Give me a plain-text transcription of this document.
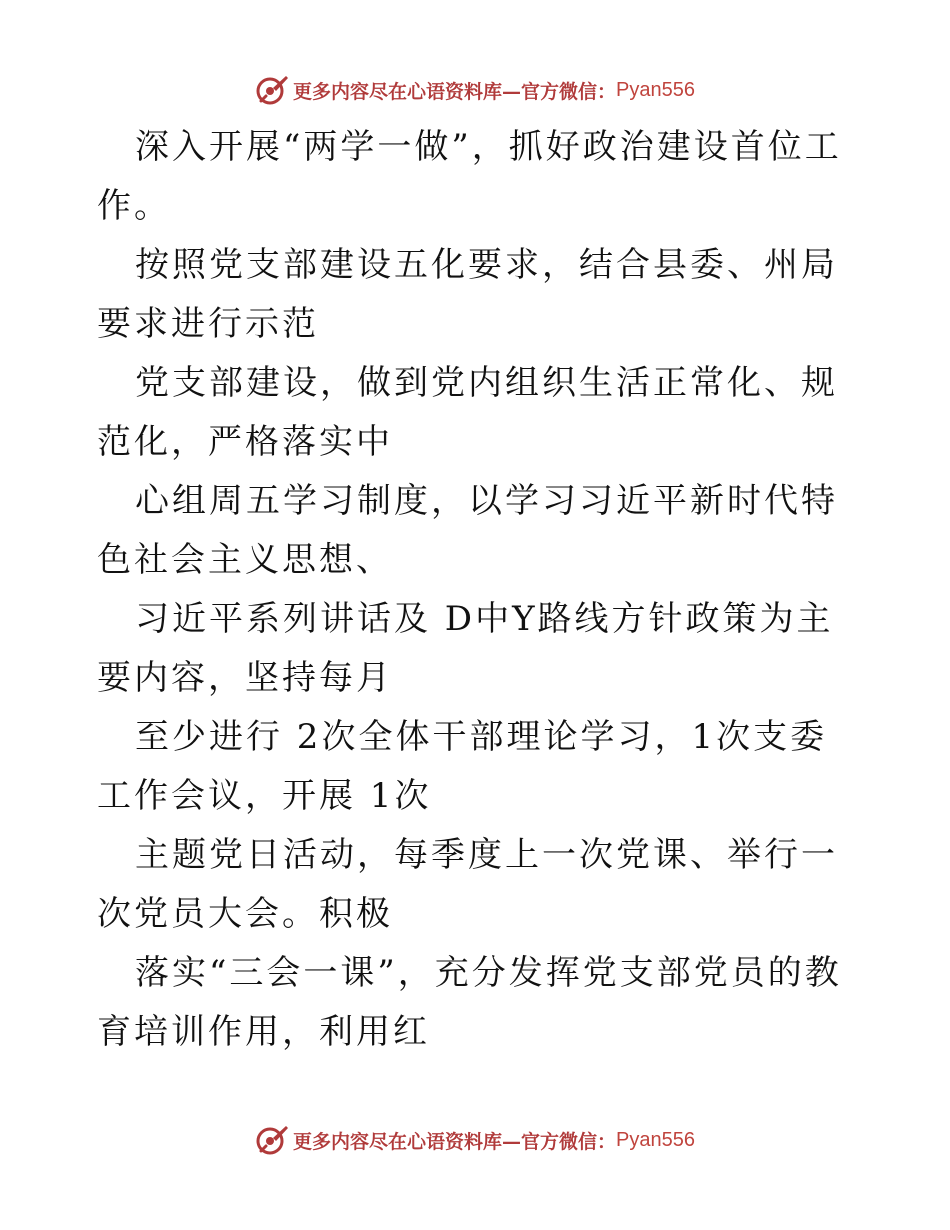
更多内容尽在心语资料库—官方微信： Pyan556

深入开展“两学一做”，抓好政治建设首位工作。

按照党支部建设五化要求，结合县委、州局要求进行示范

党支部建设，做到党内组织生活正常化、规范化，严格落实中

心组周五学习制度，以学习习近平新时代特色社会主义思想、

习近平系列讲话及 D中Y路线方针政策为主要内容，坚持每月

至少进行 2次全体干部理论学习，1次支委工作会议，开展 1次

主题党日活动，每季度上一次党课、举行一次党员大会。积极

落实“三会一课”，充分发挥党支部党员的教育培训作用，利用红

更多内容尽在心语资料库—官方微信： Pyan556
